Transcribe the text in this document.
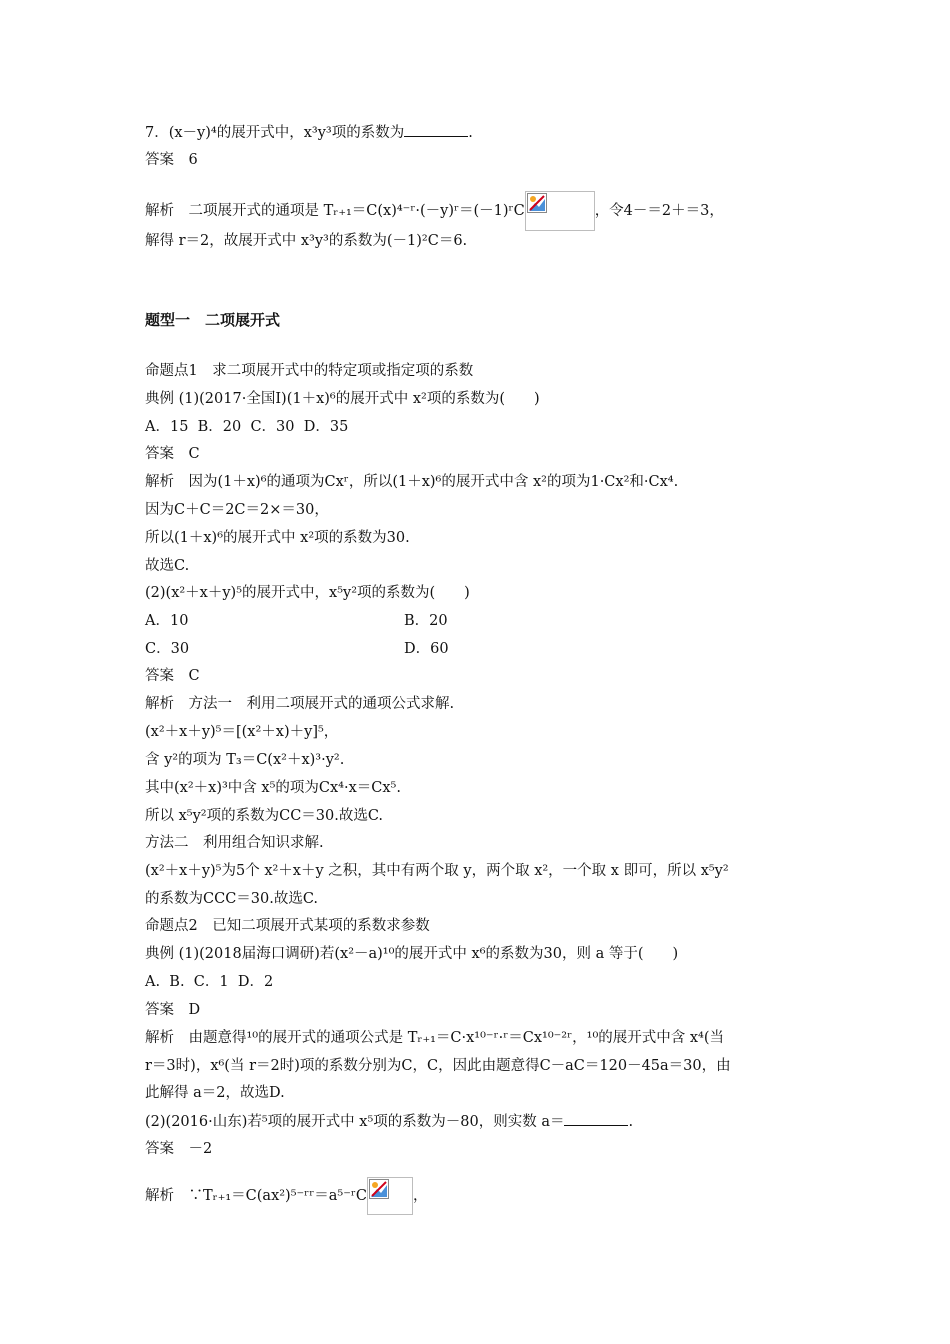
7．(x－y)⁴的展开式中，x³y³项的系数为	.
答案　6
解析　二项展开式的通项是 Tᵣ₊₁＝C(x)⁴⁻ʳ·(－y)ʳ＝(－1)ʳC	，令4－＝2＋＝3，
解得 r＝2，故展开式中 x³y³的系数为(－1)²C＝6.
题型一　二项展开式
命题点1　求二项展开式中的特定项或指定项的系数
典例 (1)(2017·全国Ⅰ)(1＋x)⁶的展开式中 x²项的系数为(　　)
A．15  B．20  C．30  D．35
答案　C
解析　因为(1＋x)⁶的通项为Cxʳ，所以(1＋x)⁶的展开式中含 x²的项为1·Cx²和·Cx⁴.
因为C＋C＝2C＝2×＝30，
所以(1＋x)⁶的展开式中 x²项的系数为30.
故选C.
(2)(x²＋x＋y)⁵的展开式中，x⁵y²项的系数为(　　)
A．10	B．20
C．30	D．60
答案　C
解析　方法一　利用二项展开式的通项公式求解.
(x²＋x＋y)⁵＝[(x²＋x)＋y]⁵，
含 y²的项为 T₃＝C(x²＋x)³·y².
其中(x²＋x)³中含 x⁵的项为Cx⁴·x＝Cx⁵.
所以 x⁵y²项的系数为CC＝30.故选C.
方法二　利用组合知识求解.
(x²＋x＋y)⁵为5个 x²＋x＋y 之积，其中有两个取 y，两个取 x²，一个取 x 即可，所以 x⁵y²
的系数为CCC＝30.故选C.
命题点2　已知二项展开式某项的系数求参数
典例 (1)(2018届海口调研)若(x²－a)¹⁰的展开式中 x⁶的系数为30，则 a 等于(　　)
A.  B.  C．1  D．2
答案　D
解析　由题意得¹⁰的展开式的通项公式是 Tᵣ₊₁＝C·x¹⁰⁻ʳ·ʳ＝Cx¹⁰⁻²ʳ，¹⁰的展开式中含 x⁴(当
r＝3时)，x⁶(当 r＝2时)项的系数分别为C，C，因此由题意得C－aC＝120－45a＝30，由
此解得 a＝2，故选D.
(2)(2016·山东)若⁵项的展开式中 x⁵项的系数为－80，则实数 a＝	.
答案　－2
解析　∵Tᵣ₊₁＝C(ax²)⁵⁻ʳʳ＝a⁵⁻ʳC	，
